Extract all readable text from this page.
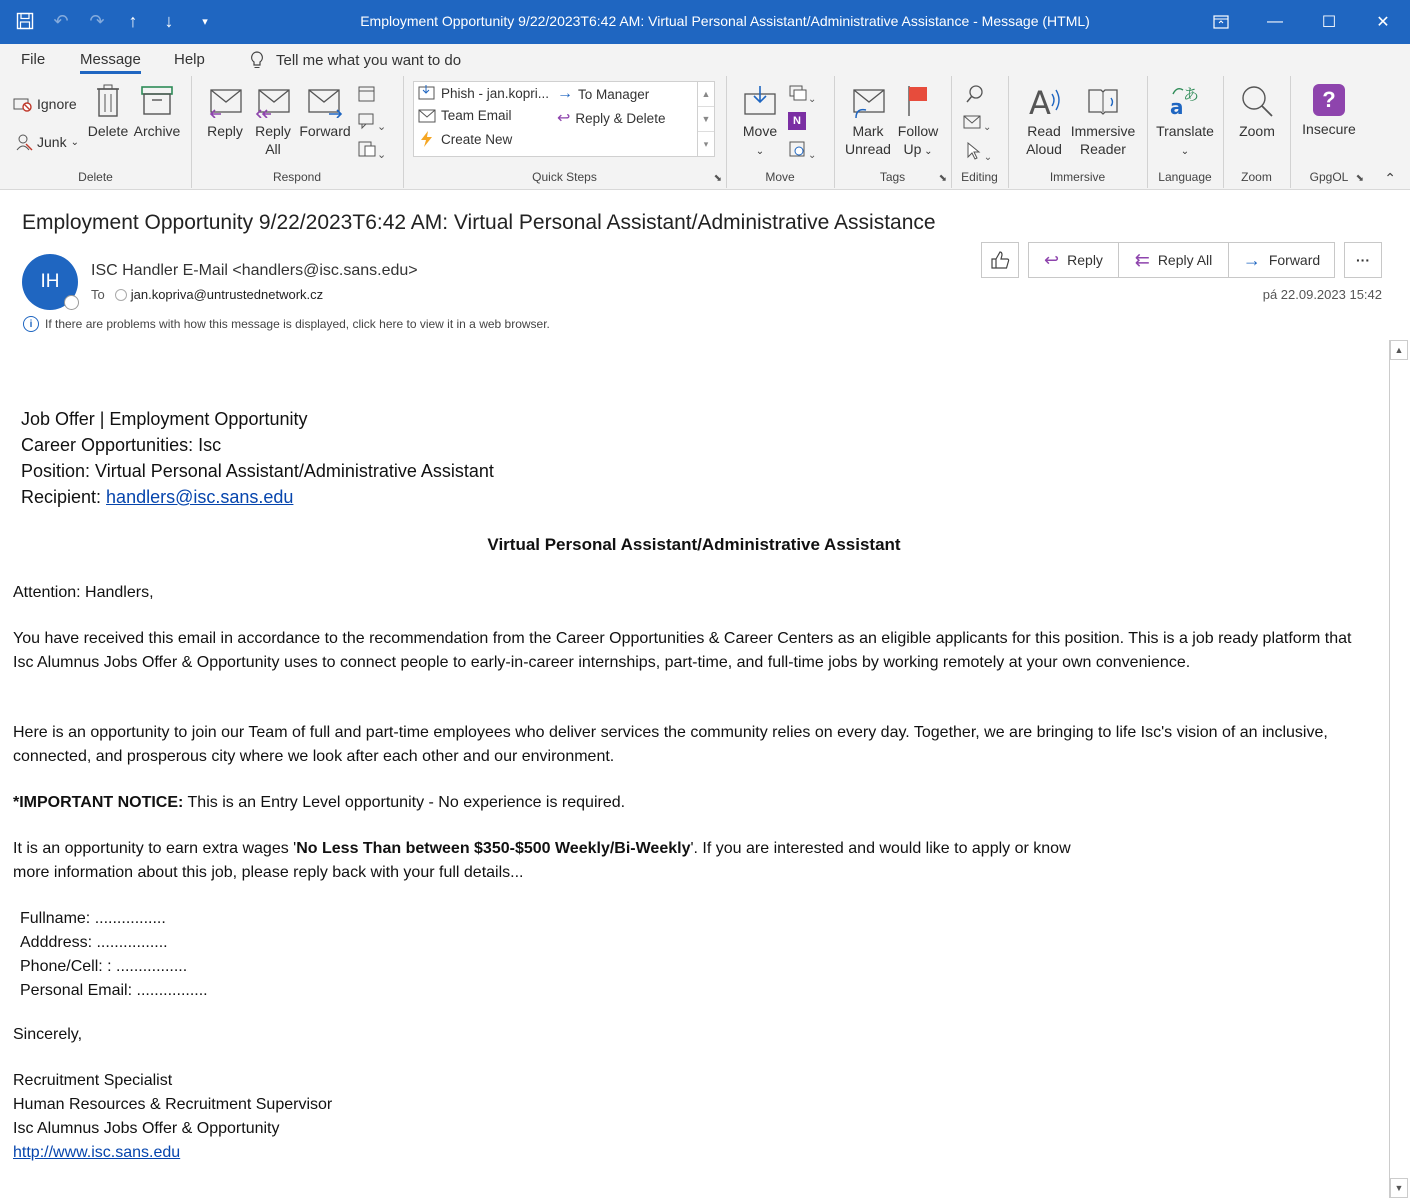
↶	↷	↑	↓	▾	Employment Opportunity 9/22/2023T6:42 AM: Virtual Personal Assistant/Administrative Assistance - Message (HTML)	—	☐	✕
File Message Help	Tell me what you want to do
Ignore
Junk ⌄
Delete Archive
Delete
Reply Reply
All
Forward	⌄
⌄
Respond
Phish - jan.kopri...
Team Email
Create New
→ To Manager
↩ Reply & Delete
▲
▼
▾
⬊
Quick Steps
Move
⌄
⌄
N
⌄
Move
Mark
Unread
Follow
Up ⌄
⬊
Tags
⌄
⌄
Editing
A
Read
Aloud
Immersive
Reader
Immersive
a
あ
Translate
⌄
Language
Zoom
Zoom
?
Insecure
⬊
GpgOL	⌃
Employment Opportunity 9/22/2023T6:42 AM: Virtual Personal Assistant/Administrative Assistance
IH
ISC Handler E-Mail <handlers@isc.sans.edu>
To jan.kopriva@untrustednetwork.cz
i	If there are problems with how this message is displayed, click here to view it in a web browser.
↩ Reply ⇇ Reply All → Forward	···
pá 22.09.2023 15:42
▲
▼
Job Offer | Employment Opportunity
Career Opportunities: Isc
Position: Virtual Personal Assistant/Administrative Assistant
Recipient: handlers@isc.sans.edu
Virtual Personal Assistant/Administrative Assistant
Attention: Handlers,
You have received this email in accordance to the recommendation from the Career Opportunities & Career Centers as an eligible applicants for this position. This is a job ready platform that Isc Alumnus Jobs Offer & Opportunity uses to connect people to early-in-career internships, part-time, and full-time jobs by working remotely at your own convenience.
Here is an opportunity to join our Team of full and part-time employees who deliver services the community relies on every day. Together, we are bringing to life Isc's vision of an inclusive, connected, and prosperous city where we look after each other and our environment.
*IMPORTANT NOTICE: This is an Entry Level opportunity - No experience is required.
It is an opportunity to earn extra wages 'No Less Than between $350-$500 Weekly/Bi-Weekly'. If you are interested and would like to apply or know
more information about this job, please reply back with your full details...
Fullname: ................
Adddress: ................
Phone/Cell: : ................
Personal Email: ................
Sincerely,
Recruitment Specialist
Human Resources & Recruitment Supervisor
Isc Alumnus Jobs Offer & Opportunity
http://www.isc.sans.edu
